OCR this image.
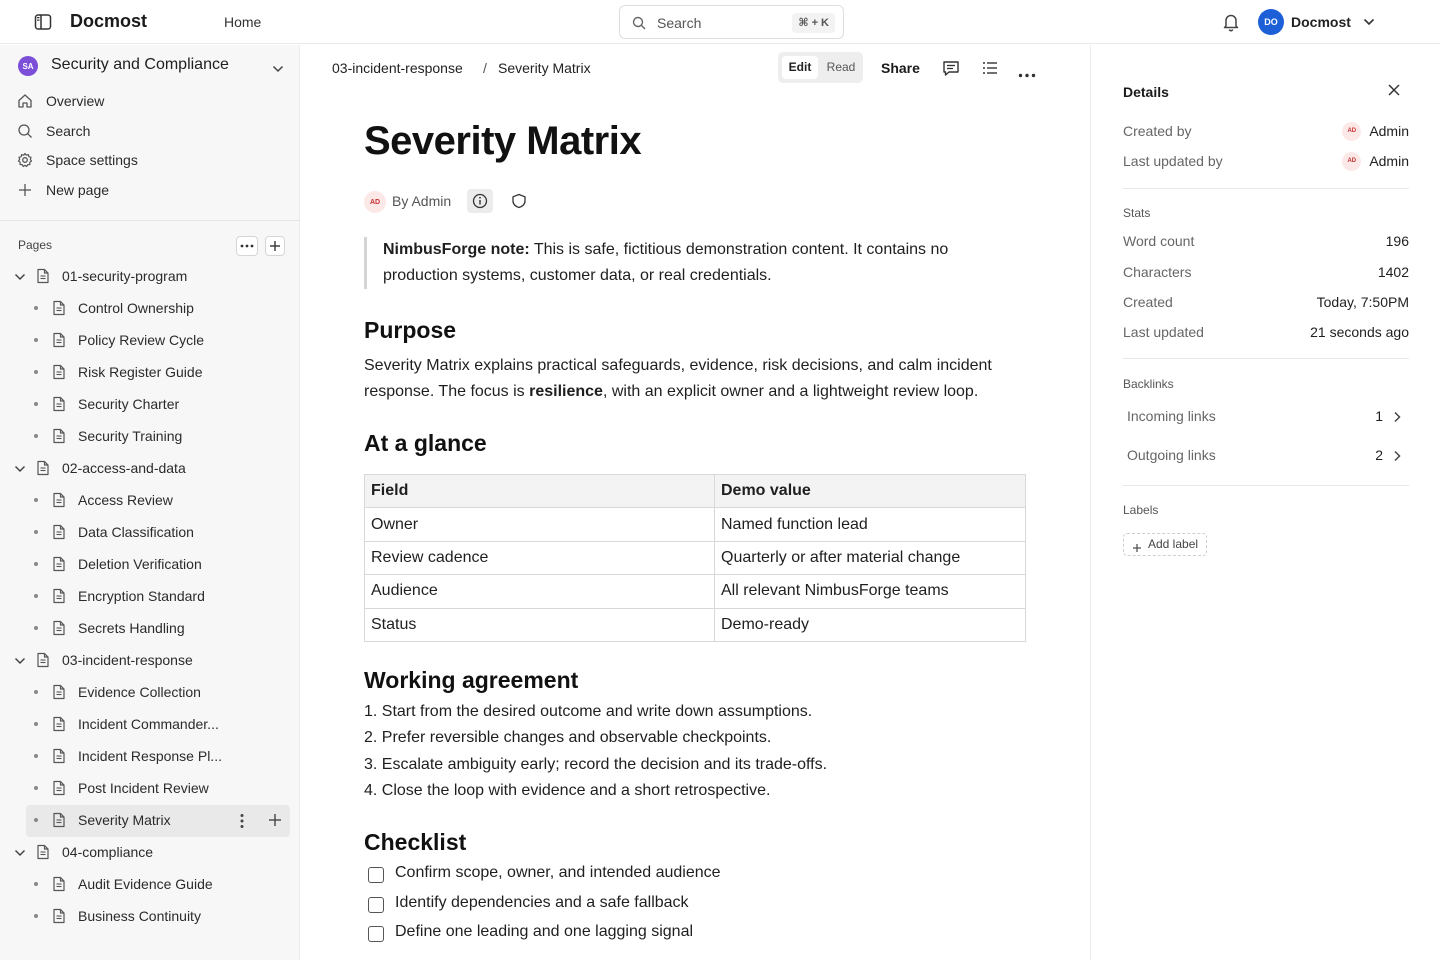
Docmost	Home	Search	⌘ + K	DO Docmost
SA Security and Compliance
Overview
Search
Space settings
New page
Pages
01-security-program
Control Ownership
Policy Review Cycle
Risk Register Guide
Security Charter
Security Training
02-access-and-data
Access Review
Data Classification
Deletion Verification
Encryption Standard
Secrets Handling
03-incident-response
Evidence Collection
Incident Commander...
Incident Response Pl...
Post Incident Review
Severity Matrix
04-compliance
Audit Evidence Guide
Business Continuity
03-incident-response / Severity Matrix	Edit	Read	Share
Severity Matrix
AD By Admin
NimbusForge note: This is safe, fictitious demonstration content. It contains no production systems, customer data, or real credentials.
Purpose

Severity Matrix explains practical safeguards, evidence, risk decisions, and calm incident response. The focus is resilience, with an explicit owner and a lightweight review loop.

At a glance
Field	Demo value
Owner	Named function lead
Review cadence	Quarterly or after material change
Audience	All relevant NimbusForge teams
Status	Demo-ready
Working agreement
1. Start from the desired outcome and write down assumptions.
2. Prefer reversible changes and observable checkpoints.
3. Escalate ambiguity early; record the decision and its trade-offs.
4. Close the loop with evidence and a short retrospective.
Checklist
Confirm scope, owner, and intended audience
Identify dependencies and a safe fallback
Define one leading and one lagging signal
Details
Created by	AD Admin
Last updated by	AD Admin
Stats
Word count	196
Characters	1402
Created	Today, 7:50PM
Last updated	21 seconds ago
Backlinks
Incoming links	1
Outgoing links	2
Labels
Add label
